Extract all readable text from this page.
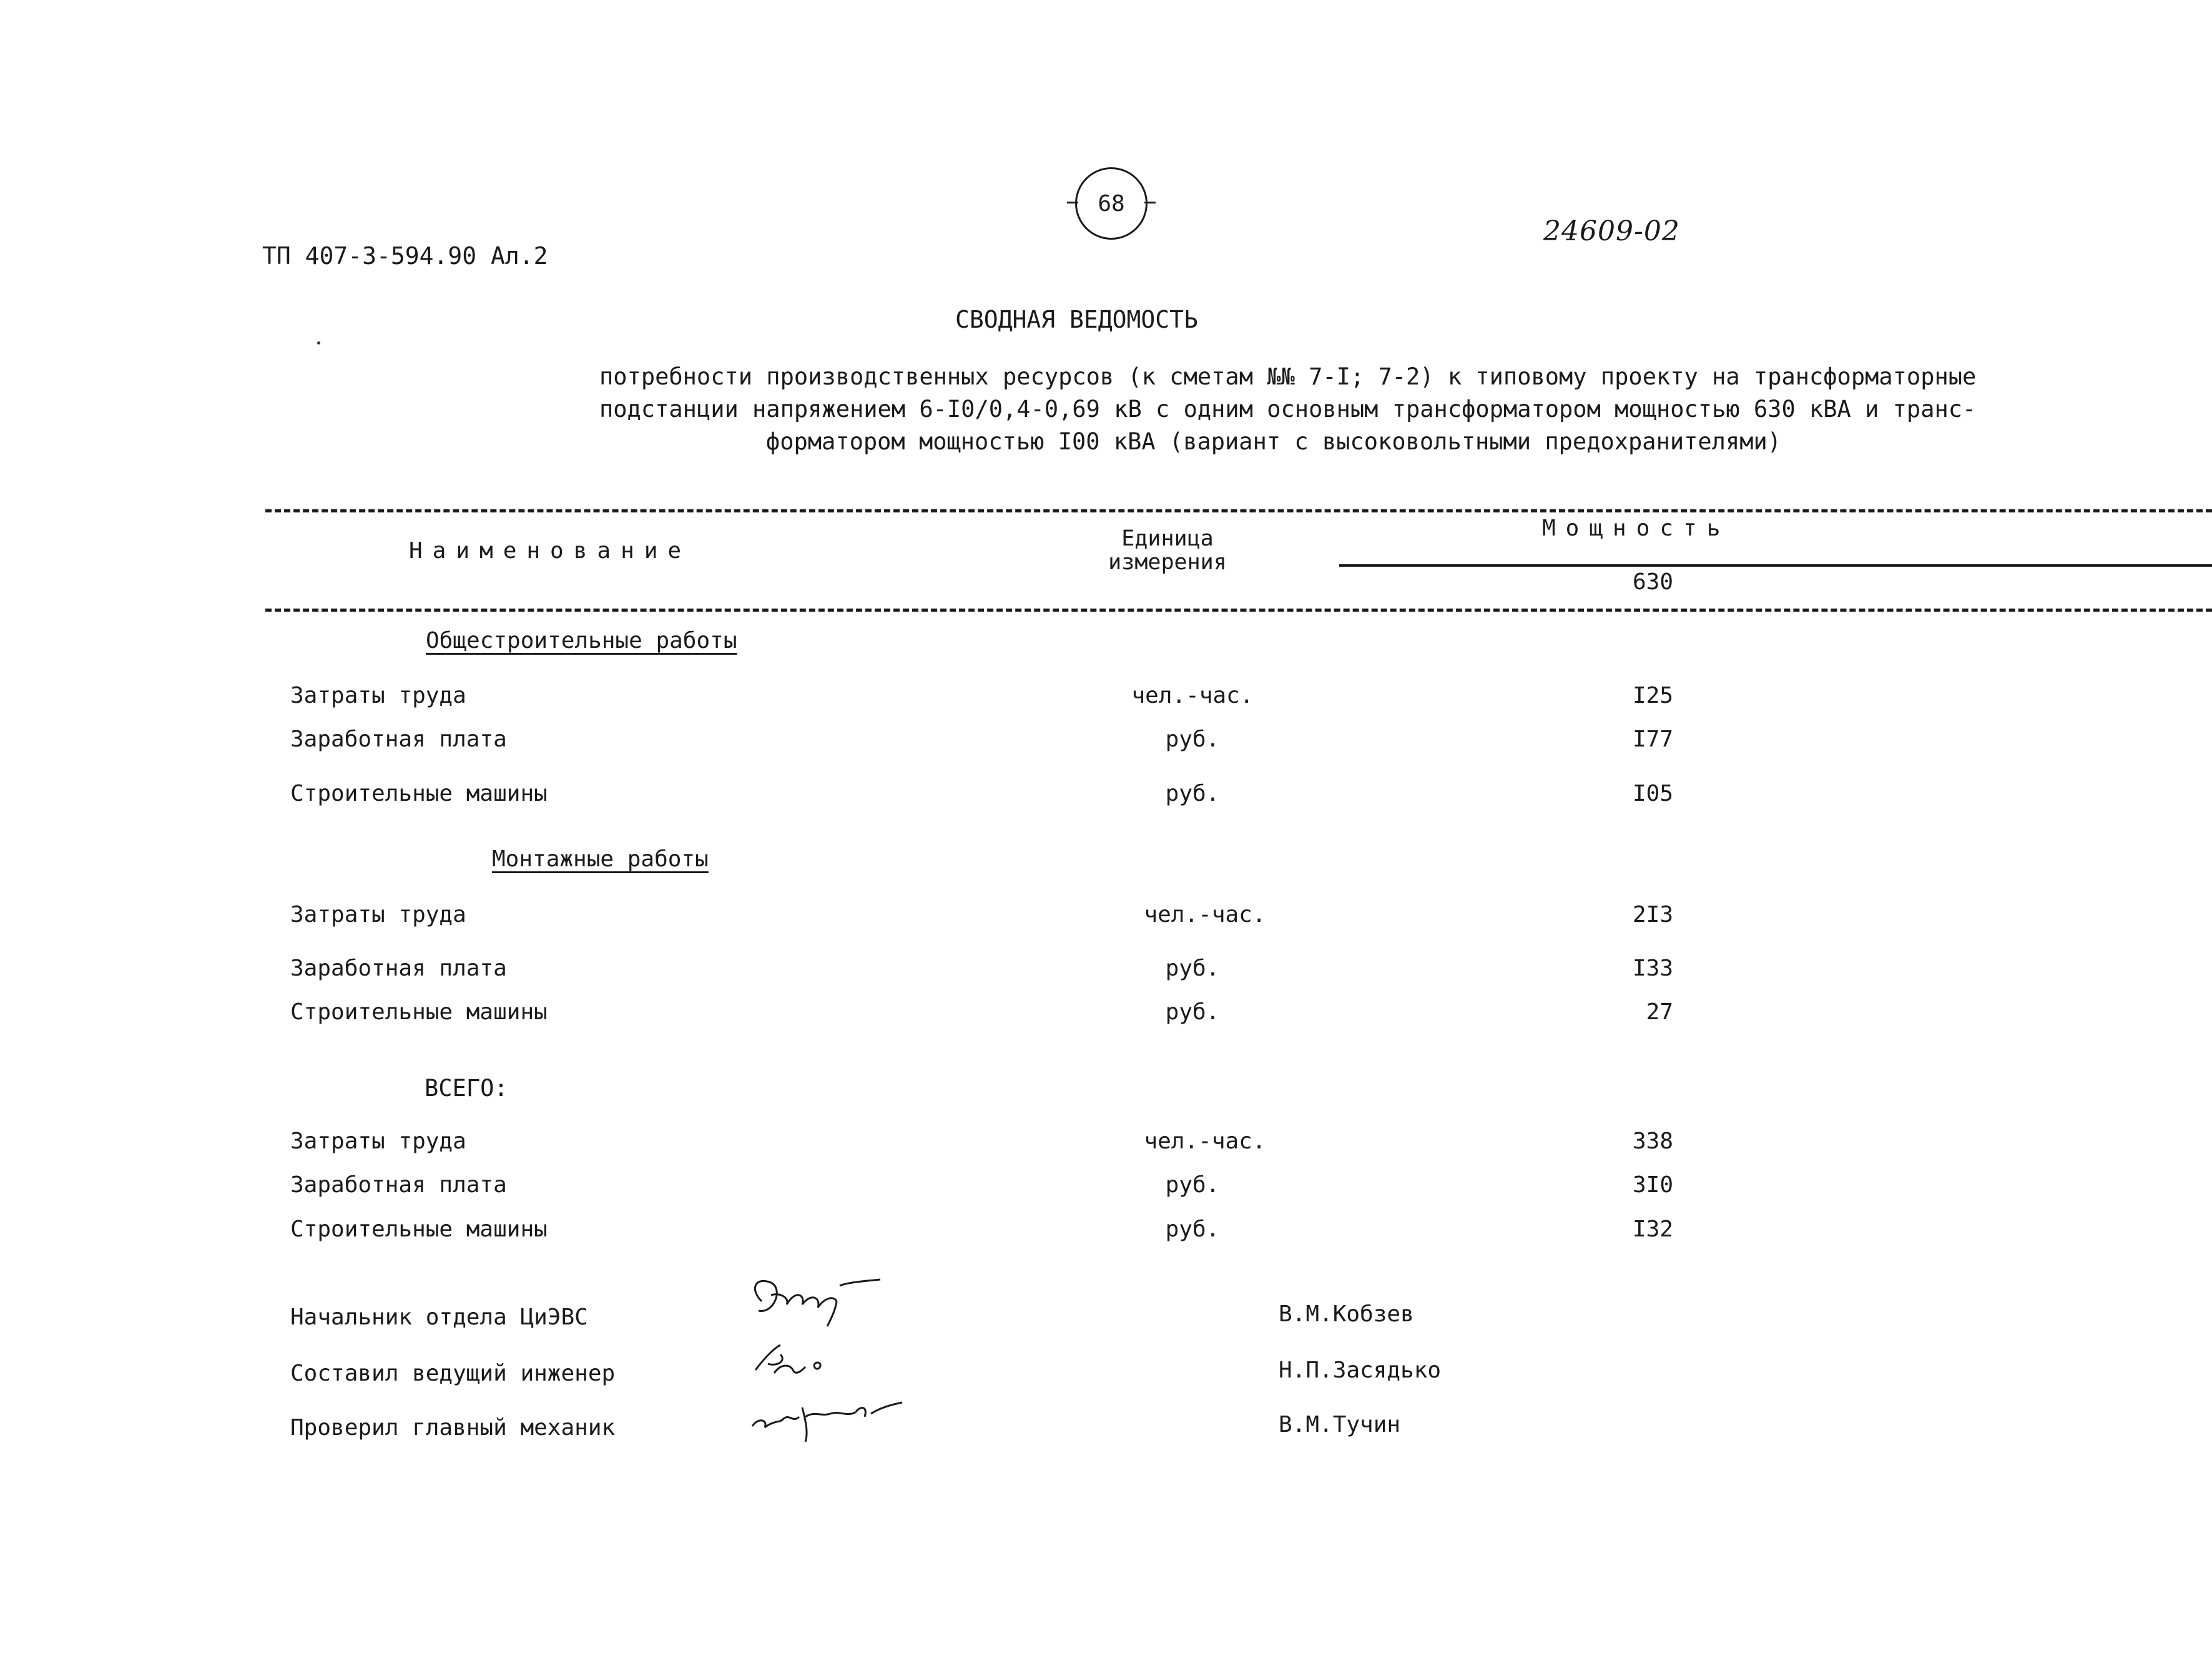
68
ТП 407-3-594.90 Ал.2
24609-02
СВОДНАЯ ВЕДОМОСТЬ
потребности производственных ресурсов (к сметам №№ 7-I; 7-2) к типовому проекту на трансформаторные
подстанции напряжением 6-I0/0,4-0,69 кВ с одним основным трансформатором мощностью 630 кВА и транс-
форматором мощностью I00 кВА (вариант с высоковольтными предохранителями)
Наименование	Единица измерения
Мощность
630
Общестроительные работы
Затраты труда	чел.-час.	I25
Заработная плата	руб.	I77
Строительные машины	руб.	I05
Монтажные работы
Затраты труда	чел.-час.	2I3
Заработная плата	руб.	I33
Строительные машины	руб.	27
ВСЕГО:
Затраты труда	чел.-час.	338
Заработная плата	руб.	3I0
Строительные машины	руб.	I32
Начальник отдела ЦиЭВС	В.М.Кобзев
Составил ведущий инженер	Н.П.Засядько
Проверил главный механик	В.М.Тучин
